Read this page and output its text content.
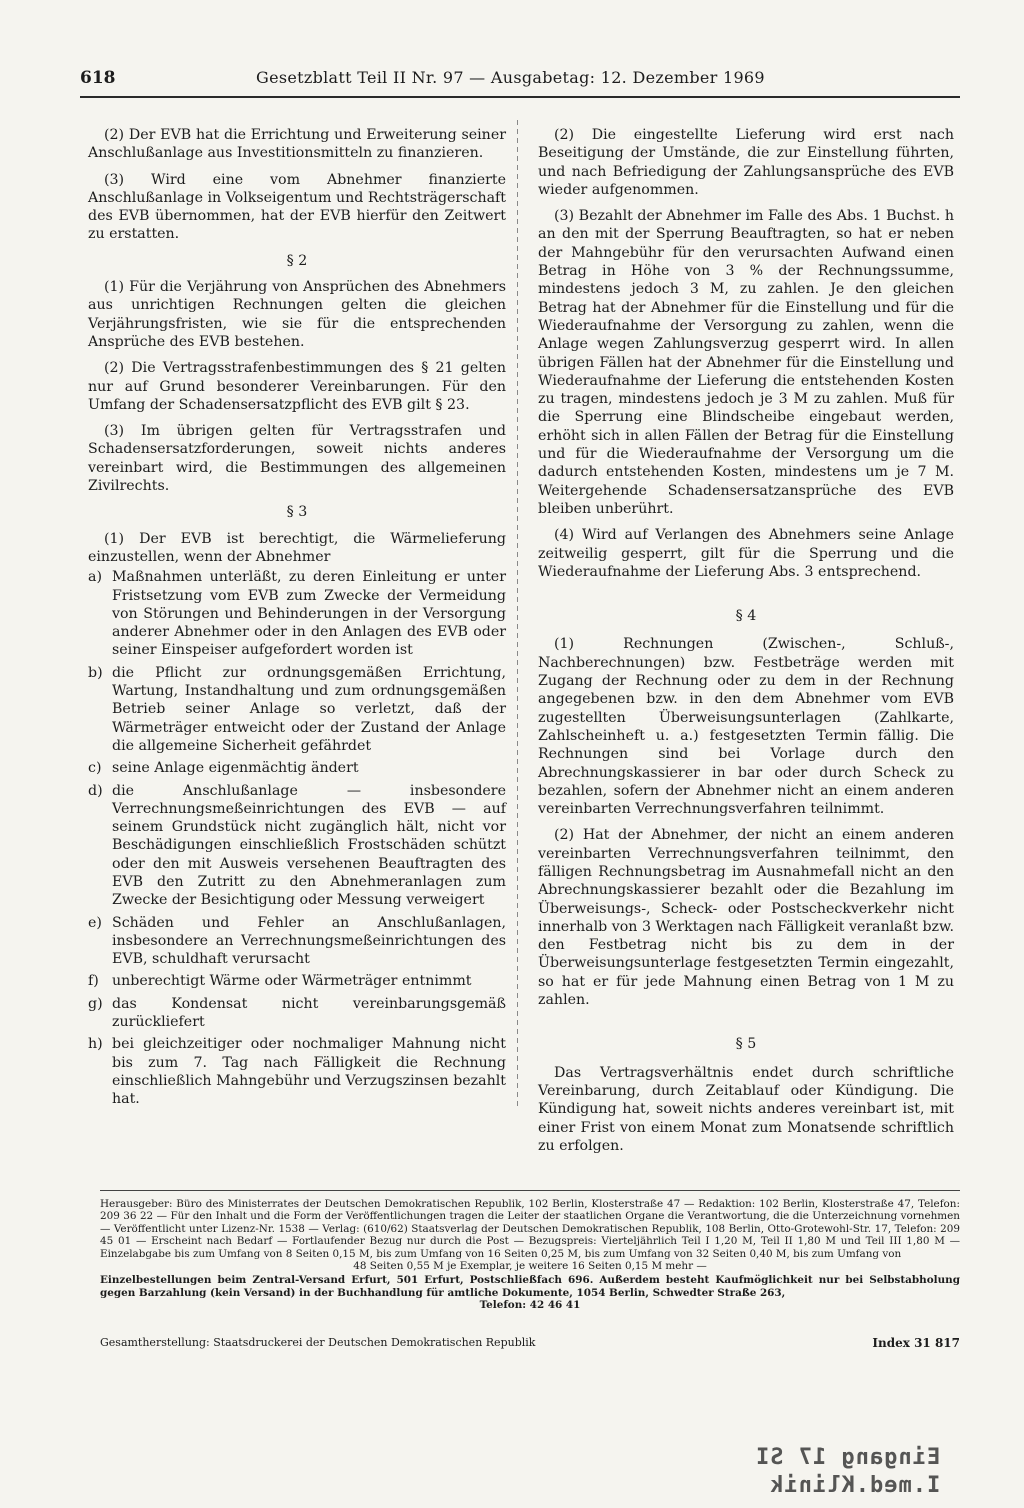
618	Gesetzblatt Teil II Nr. 97 — Ausgabetag: 12. Dezember 1969

(2) Der EVB hat die Errichtung und Erweiterung seiner Anschlußanlage aus Investitionsmitteln zu finanzieren.

(3) Wird eine vom Abnehmer finanzierte Anschlußanlage in Volkseigentum und Rechtsträgerschaft des EVB übernommen, hat der EVB hierfür den Zeitwert zu erstatten.

§ 2

(1) Für die Verjährung von Ansprüchen des Abnehmers aus unrichtigen Rechnungen gelten die gleichen Verjährungsfristen, wie sie für die entsprechenden Ansprüche des EVB bestehen.

(2) Die Vertragsstrafenbestimmungen des § 21 gelten nur auf Grund besonderer Vereinbarungen. Für den Umfang der Schadensersatzpflicht des EVB gilt § 23.

(3) Im übrigen gelten für Vertragsstrafen und Schadensersatzforderungen, soweit nichts anderes vereinbart wird, die Bestimmungen des allgemeinen Zivilrechts.

§ 3

(1) Der EVB ist berechtigt, die Wärmelieferung einzustellen, wenn der Abnehmer

a) Maßnahmen unterläßt, zu deren Einleitung er unter Fristsetzung vom EVB zum Zwecke der Vermeidung von Störungen und Behinderungen in der Versorgung anderer Abnehmer oder in den Anlagen des EVB oder seiner Einspeiser aufgefordert worden ist
b) die Pflicht zur ordnungsgemäßen Errichtung, Wartung, Instandhaltung und zum ordnungsgemäßen Betrieb seiner Anlage so verletzt, daß der Wärmeträger entweicht oder der Zustand der Anlage die allgemeine Sicherheit gefährdet
c) seine Anlage eigenmächtig ändert
d) die Anschlußanlage — insbesondere Verrechnungsmeßeinrichtungen des EVB — auf seinem Grundstück nicht zugänglich hält, nicht vor Beschädigungen einschließlich Frostschäden schützt oder den mit Ausweis versehenen Beauftragten des EVB den Zutritt zu den Abnehmeranlagen zum Zwecke der Besichtigung oder Messung verweigert
e) Schäden und Fehler an Anschlußanlagen, insbesondere an Verrechnungsmeßeinrichtungen des EVB, schuldhaft verursacht
f) unberechtigt Wärme oder Wärmeträger entnimmt
g) das Kondensat nicht vereinbarungsgemäß zurückliefert
h) bei gleichzeitiger oder nochmaliger Mahnung nicht bis zum 7. Tag nach Fälligkeit die Rechnung einschließlich Mahngebühr und Verzugszinsen bezahlt hat.

(2) Die eingestellte Lieferung wird erst nach Beseitigung der Umstände, die zur Einstellung führten, und nach Befriedigung der Zahlungsansprüche des EVB wieder aufgenommen.

(3) Bezahlt der Abnehmer im Falle des Abs. 1 Buchst. h an den mit der Sperrung Beauftragten, so hat er neben der Mahngebühr für den verursachten Aufwand einen Betrag in Höhe von 3 % der Rechnungssumme, mindestens jedoch 3 M, zu zahlen. Je den gleichen Betrag hat der Abnehmer für die Einstellung und für die Wiederaufnahme der Versorgung zu zahlen, wenn die Anlage wegen Zahlungsverzug gesperrt wird. In allen übrigen Fällen hat der Abnehmer für die Einstellung und Wiederaufnahme der Lieferung die entstehenden Kosten zu tragen, mindestens jedoch je 3 M zu zahlen. Muß für die Sperrung eine Blindscheibe eingebaut werden, erhöht sich in allen Fällen der Betrag für die Einstellung und für die Wiederaufnahme der Versorgung um die dadurch entstehenden Kosten, mindestens um je 7 M. Weitergehende Schadensersatzansprüche des EVB bleiben unberührt.

(4) Wird auf Verlangen des Abnehmers seine Anlage zeitweilig gesperrt, gilt für die Sperrung und die Wiederaufnahme der Lieferung Abs. 3 entsprechend.

§ 4

(1) Rechnungen (Zwischen-, Schluß-, Nachberechnungen) bzw. Festbeträge werden mit Zugang der Rechnung oder zu dem in der Rechnung angegebenen bzw. in den dem Abnehmer vom EVB zugestellten Überweisungsunterlagen (Zahlkarte, Zahlscheinheft u. a.) festgesetzten Termin fällig. Die Rechnungen sind bei Vorlage durch den Abrechnungskassierer in bar oder durch Scheck zu bezahlen, sofern der Abnehmer nicht an einem anderen vereinbarten Verrechnungsverfahren teilnimmt.

(2) Hat der Abnehmer, der nicht an einem anderen vereinbarten Verrechnungsverfahren teilnimmt, den fälligen Rechnungsbetrag im Ausnahmefall nicht an den Abrechnungskassierer bezahlt oder die Bezahlung im Überweisungs-, Scheck- oder Postscheckverkehr nicht innerhalb von 3 Werktagen nach Fälligkeit veranlaßt bzw. den Festbetrag nicht bis zu dem in der Überweisungsunterlage festgesetzten Termin eingezahlt, so hat er für jede Mahnung einen Betrag von 1 M zu zahlen.

§ 5

Das Vertragsverhältnis endet durch schriftliche Vereinbarung, durch Zeitablauf oder Kündigung. Die Kündigung hat, soweit nichts anderes vereinbart ist, mit einer Frist von einem Monat zum Monatsende schriftlich zu erfolgen.

Herausgeber: Büro des Ministerrates der Deutschen Demokratischen Republik, 102 Berlin, Klosterstraße 47 — Redaktion: 102 Berlin, Klosterstraße 47, Telefon: 209 36 22 — Für den Inhalt und die Form der Veröffentlichungen tragen die Leiter der staatlichen Organe die Verantwortung, die die Unterzeichnung vornehmen — Veröffentlicht unter Lizenz-Nr. 1538 — Verlag: (610/62) Staatsverlag der Deutschen Demokratischen Republik, 108 Berlin, Otto-Grotewohl-Str. 17, Telefon: 209 45 01 — Erscheint nach Bedarf — Fortlaufender Bezug nur durch die Post — Bezugspreis: Vierteljährlich Teil I 1,20 M, Teil II 1,80 M und Teil III 1,80 M — Einzelabgabe bis zum Umfang von 8 Seiten 0,15 M, bis zum Umfang von 16 Seiten 0,25 M, bis zum Umfang von 32 Seiten 0,40 M, bis zum Umfang von

48 Seiten 0,55 M je Exemplar, je weitere 16 Seiten 0,15 M mehr —

Einzelbestellungen beim Zentral-Versand Erfurt, 501 Erfurt, Postschließfach 696. Außerdem besteht Kaufmöglichkeit nur bei Selbstabholung gegen Barzahlung (kein Versand) in der Buchhandlung für amtliche Dokumente, 1054 Berlin, Schwedter Straße 263,

Telefon: 42 46 41

Gesamtherstellung: Staatsdruckerei der Deutschen Demokratischen Republik	Index 31 817
Eingang 17 SI
I.med.Klinik
